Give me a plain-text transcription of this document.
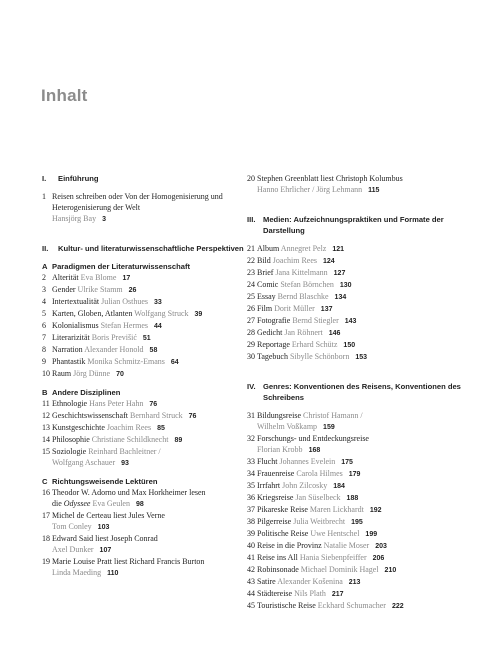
Inhalt
I. Einführung
1 Reisen schreiben oder Von der Homogenisierung und Heterogenisierung der Welt
Hansjörg Bay 3
II. Kultur- und literaturwissenschaftliche Perspektiven
A Paradigmen der Literaturwissenschaft
2 Alterität Eva Blome 17
3 Gender Ulrike Stamm 26
4 Intertextualität Julian Osthues 33
5 Karten, Globen, Atlanten Wolfgang Struck 39
6 Kolonialismus Stefan Hermes 44
7 Literarizität Boris Previšić 51
8 Narration Alexander Honold 58
9 Phantastik Monika Schmitz-Emans 64
10 Raum Jörg Dünne 70
B Andere Disziplinen
11 Ethnologie Hans Peter Hahn 76
12 Geschichtswissenschaft Bernhard Struck 76
13 Kunstgeschichte Joachim Rees 85
14 Philosophie Christiane Schildknecht 89
15 Soziologie Reinhard Bachleitner /
Wolfgang Aschauer 93
C Richtungsweisende Lektüren
16 Theodor W. Adorno und Max Horkheimer lesen
die Odyssee Eva Geulen 98
17 Michel de Certeau liest Jules Verne
Tom Conley 103
18 Edward Said liest Joseph Conrad
Axel Dunker 107
19 Marie Louise Pratt liest Richard Francis Burton
Linda Maeding 110
20 Stephen Greenblatt liest Christoph Kolumbus
Hanno Ehrlicher / Jörg Lehmann 115
III. Medien: Aufzeichnungspraktiken und Formate der Darstellung
21 Album Annegret Pelz 121
22 Bild Joachim Rees 124
23 Brief Jana Kittelmann 127
24 Comic Stefan Börnchen 130
25 Essay Bernd Blaschke 134
26 Film Dorit Müller 137
27 Fotografie Bernd Stiegler 143
28 Gedicht Jan Röhnert 146
29 Reportage Erhard Schütz 150
30 Tagebuch Sibylle Schönborn 153
IV. Genres: Konventionen des Reisens, Konventionen des Schreibens
31 Bildungsreise Christof Hamann /
Wilhelm Voßkamp 159
32 Forschungs- und Entdeckungsreise
Florian Krobb 168
33 Flucht Johannes Evelein 175
34 Frauenreise Carola Hilmes 179
35 Irrfahrt John Zilcosky 184
36 Kriegsreise Jan Süselbeck 188
37 Pikareske Reise Maren Lickhardt 192
38 Pilgerreise Julia Weitbrecht 195
39 Politische Reise Uwe Hentschel 199
40 Reise in die Provinz Natalie Moser 203
41 Reise ins All Hania Siebenpfeiffer 206
42 Robinsonade Michael Dominik Hagel 210
43 Satire Alexander Košenina 213
44 Städtereise Nils Plath 217
45 Touristische Reise Eckhard Schumacher 222
